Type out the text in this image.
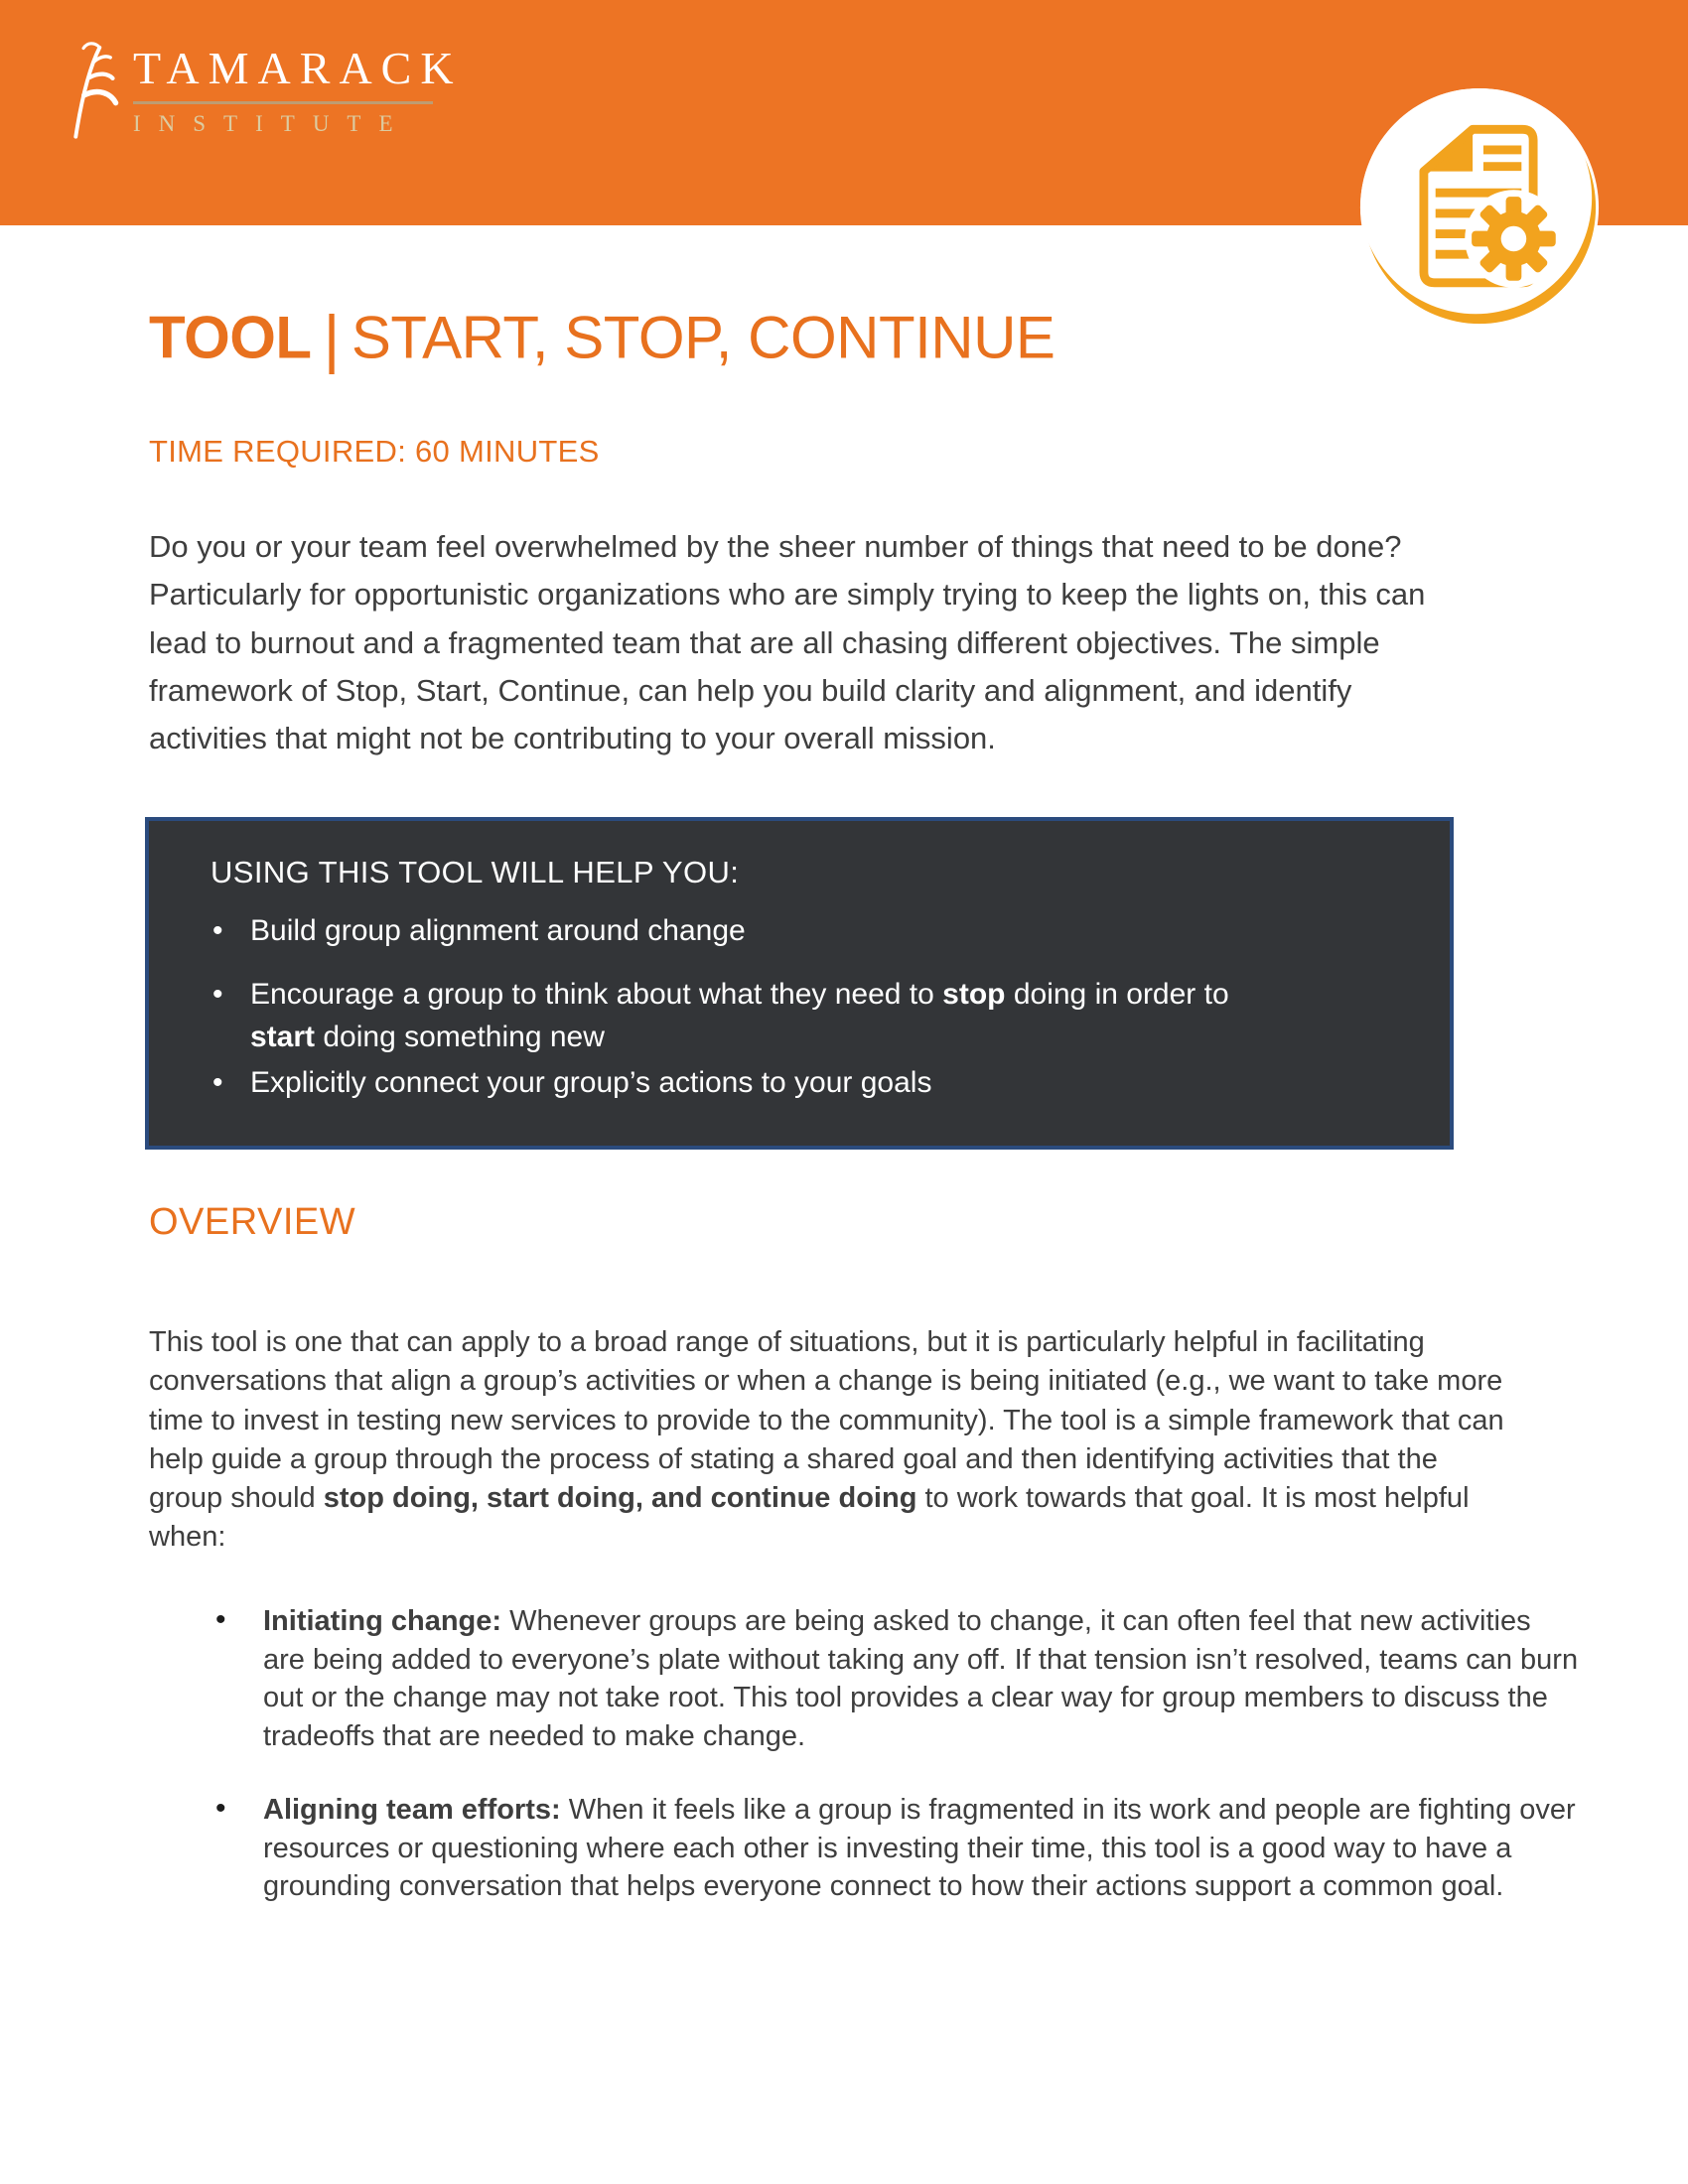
TAMARACK
INSTITUTE
TOOL | START, STOP, CONTINUE
TIME REQUIRED: 60 MINUTES

Do you or your team feel overwhelmed by the sheer number of things that need to be done? Particularly for opportunistic organizations who are simply trying to keep the lights on, this can lead to burnout and a fragmented team that are all chasing different objectives. The simple framework of Stop, Start, Continue, can help you build clarity and alignment, and identify activities that might not be contributing to your overall mission.

USING THIS TOOL WILL HELP YOU:
• Build group alignment around change
• Encourage a group to think about what they need to stop doing in order to start doing something new
• Explicitly connect your group’s actions to your goals
OVERVIEW

This tool is one that can apply to a broad range of situations, but it is particularly helpful in facilitating conversations that align a group’s activities or when a change is being initiated (e.g., we want to take more time to invest in testing new services to provide to the community). The tool is a simple framework that can help guide a group through the process of stating a shared goal and then identifying activities that the group should stop doing, start doing, and continue doing to work towards that goal. It is most helpful when:

• Initiating change: Whenever groups are being asked to change, it can often feel that new activities are being added to everyone’s plate without taking any off. If that tension isn’t resolved, teams can burn out or the change may not take root. This tool provides a clear way for group members to discuss the tradeoffs that are needed to make change.
• Aligning team efforts: When it feels like a group is fragmented in its work and people are fighting over resources or questioning where each other is investing their time, this tool is a good way to have a grounding conversation that helps everyone connect to how their actions support a common goal.
